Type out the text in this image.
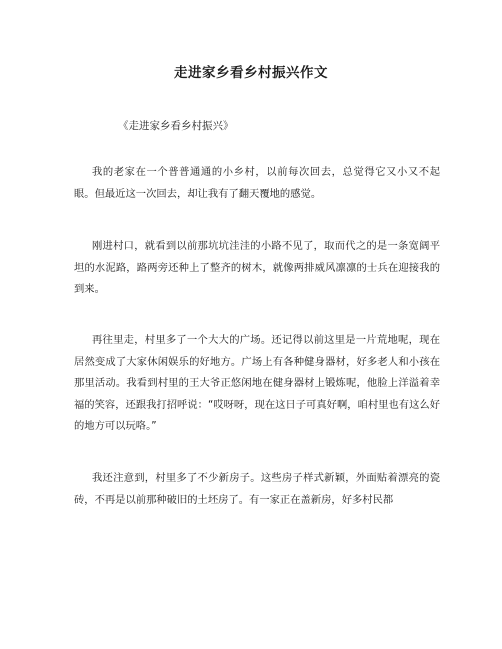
走进家乡看乡村振兴作文
《走进家乡看乡村振兴》

我的老家在一个普普通通的小乡村，以前每次回去，总觉得它又小又不起眼。但最近这一次回去，却让我有了翻天覆地的感觉。

刚进村口，就看到以前那坑坑洼洼的小路不见了，取而代之的是一条宽阔平坦的水泥路，路两旁还种上了整齐的树木，就像两排威风凛凛的士兵在迎接我的到来。

再往里走，村里多了一个大大的广场。还记得以前这里是一片荒地呢，现在居然变成了大家休闲娱乐的好地方。广场上有各种健身器材，好多老人和小孩在那里活动。我看到村里的王大爷正悠闲地在健身器材上锻炼呢，他脸上洋溢着幸福的笑容，还跟我打招呼说：“哎呀呀，现在这日子可真好啊，咱村里也有这么好的地方可以玩咯。”

我还注意到，村里多了不少新房子。这些房子样式新颖，外面贴着漂亮的瓷砖，不再是以前那种破旧的土坯房了。有一家正在盖新房，好多村民都
